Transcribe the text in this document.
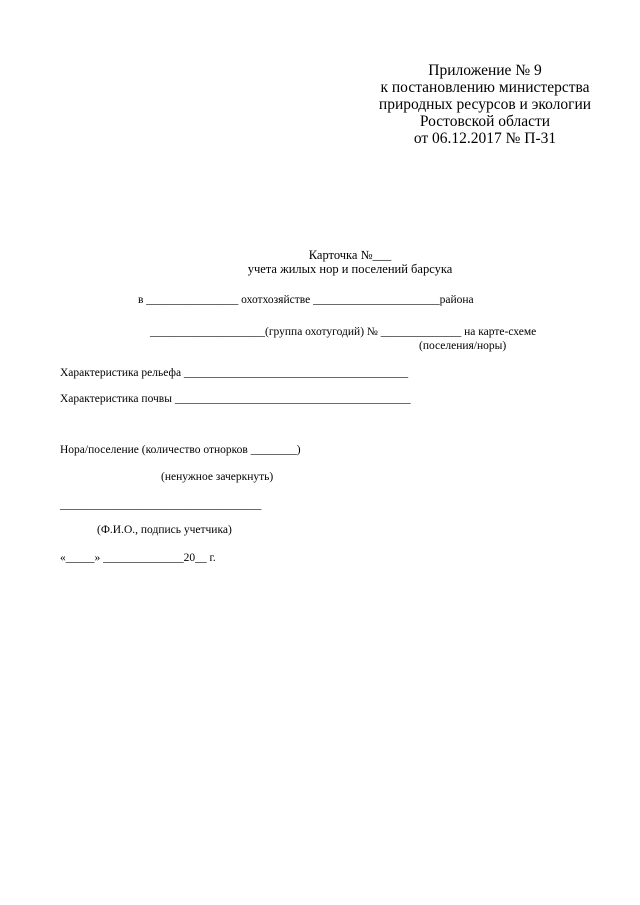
Приложение № 9
к постановлению министерства
природных ресурсов и экологии
Ростовской области
от 06.12.2017 № П-31
Карточка №___
учета жилых нор и поселений барсука
в ________________ охотхозяйстве ______________________района
____________________(группа охотугодий) № ______________ на карте-схеме
(поселения/норы)
Характеристика рельефа _______________________________________
Характеристика почвы _________________________________________
Нора/поселение (количество отнорков ________)
(ненужное зачеркнуть)
___________________________________
(Ф.И.О., подпись учетчика)
«_____» ______________20__ г.
